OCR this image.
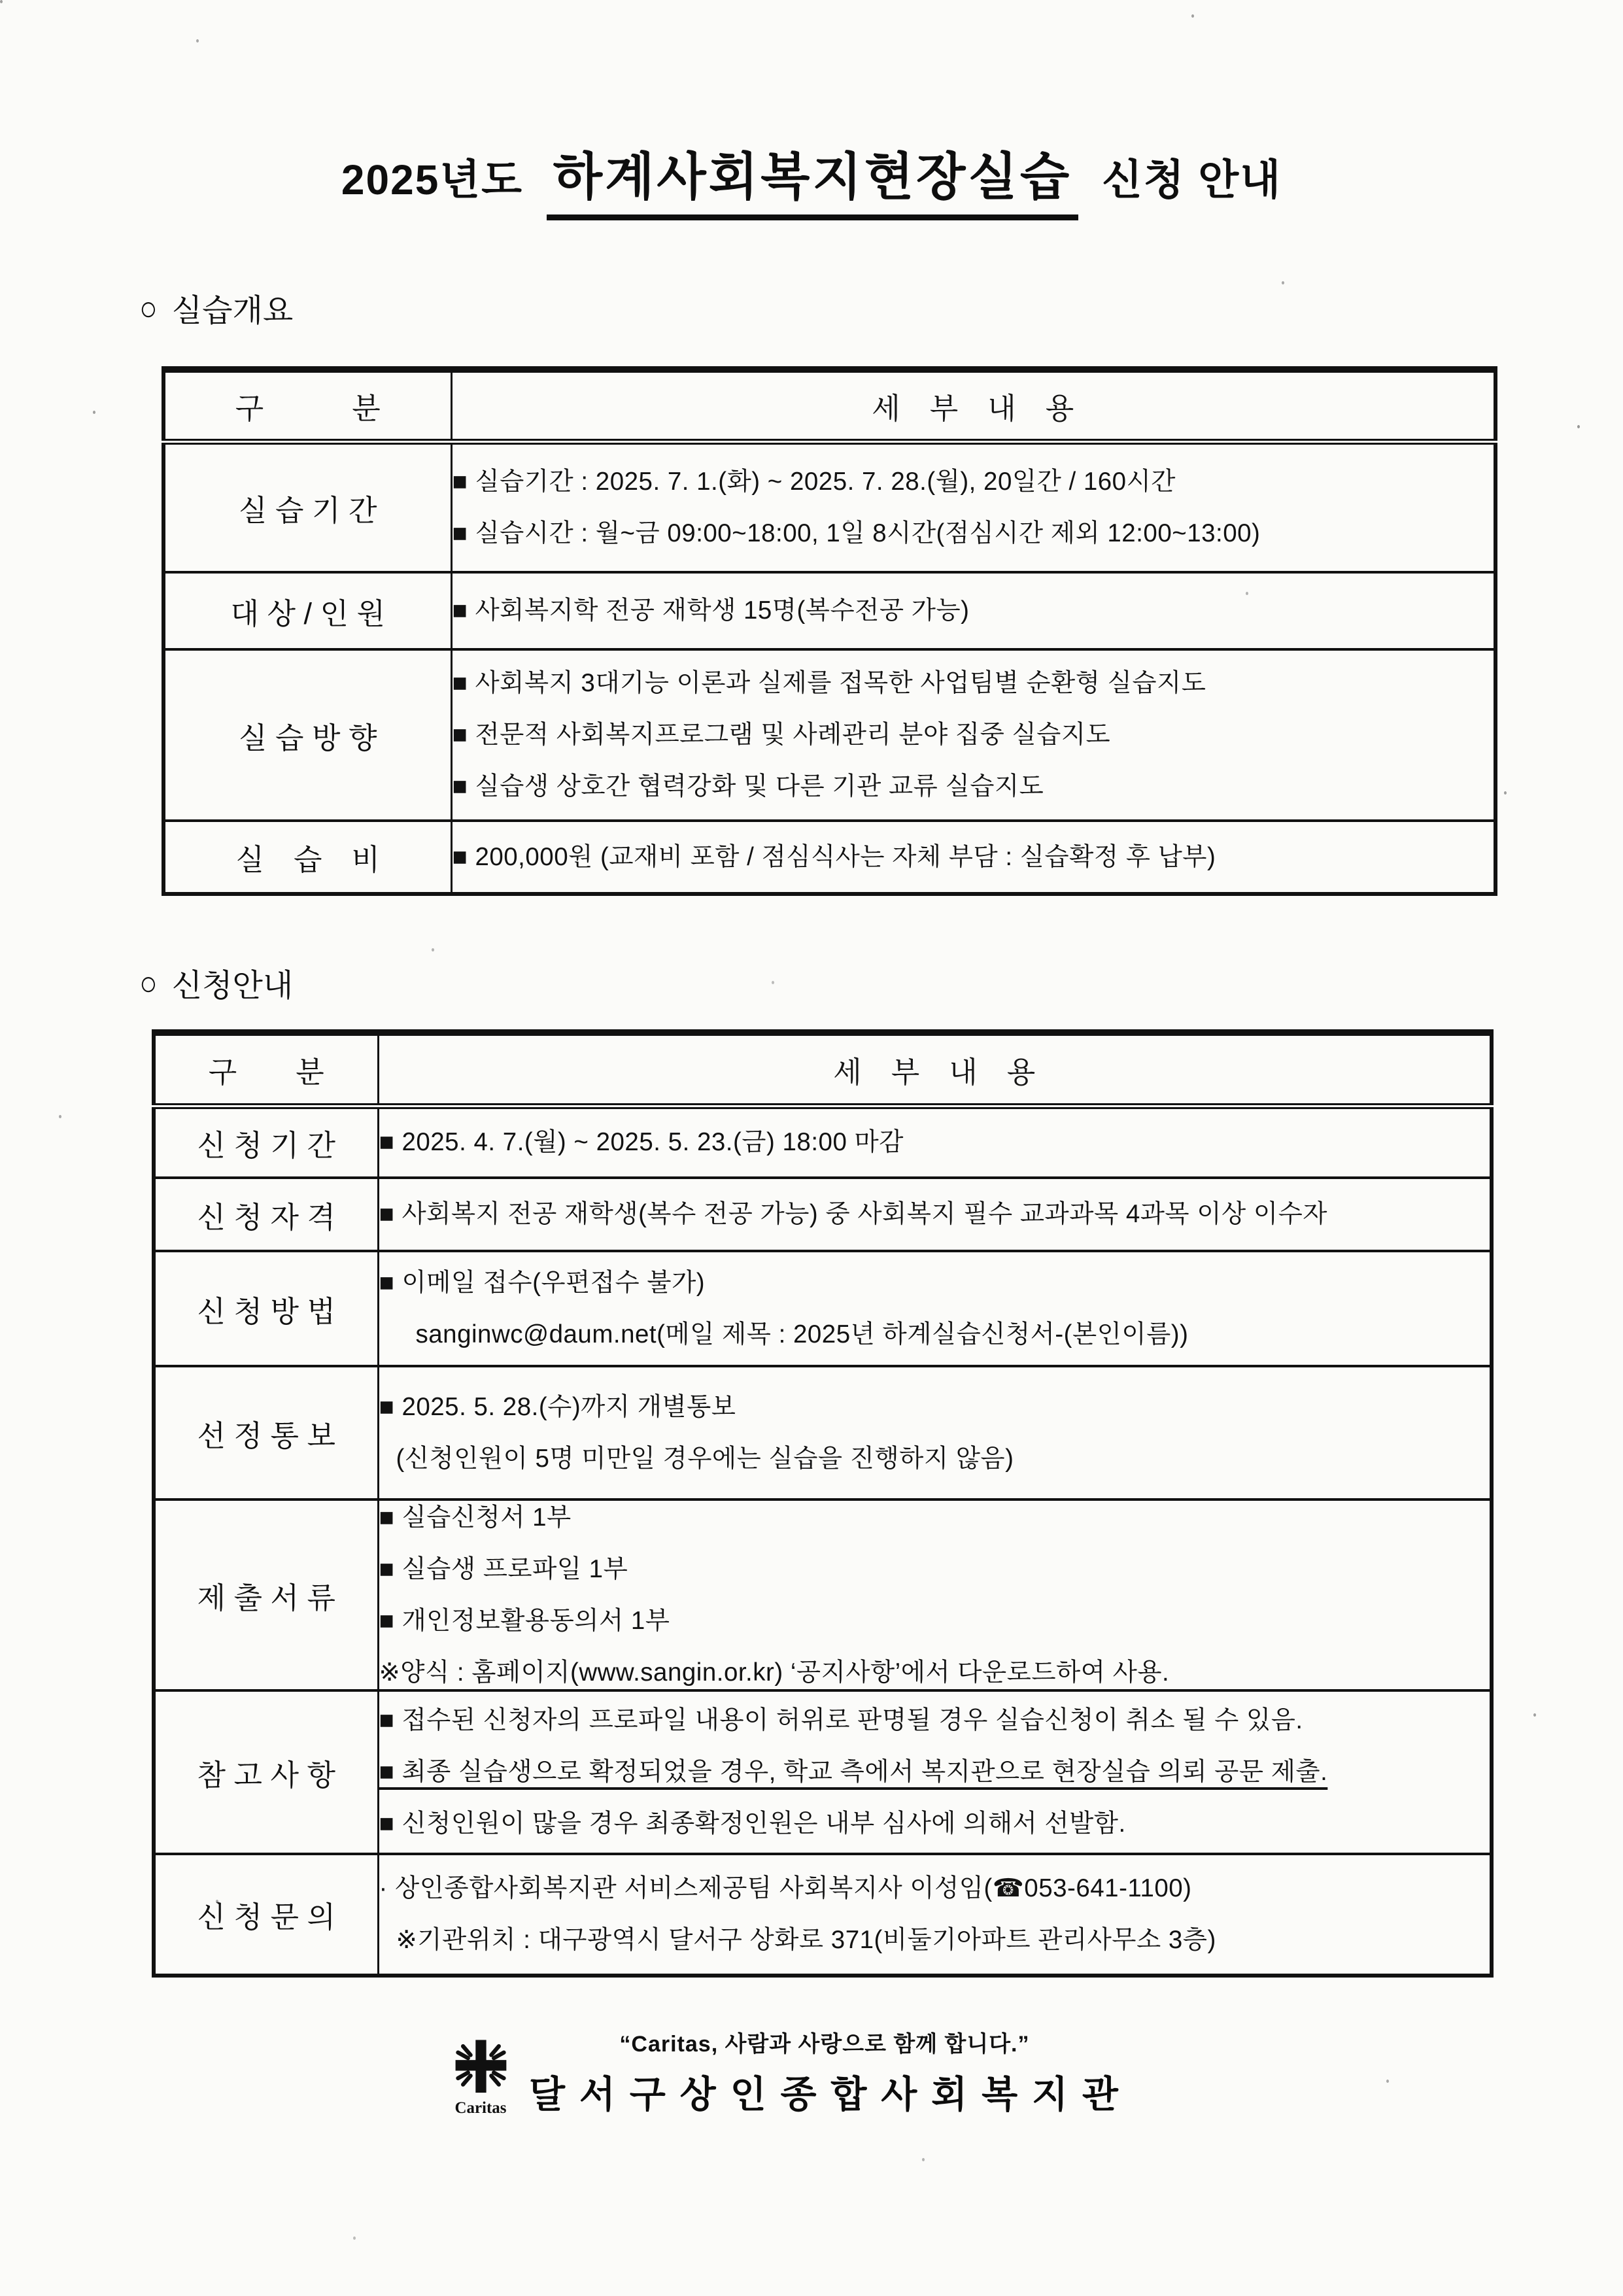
2025년도 하계사회복지현장실습 신청 안내
○ 실습개요
구　　　분	세　부　내　용
실 습 기 간	■ 실습기간 : 2025. 7. 1.(화) ~ 2025. 7. 28.(월), 20일간 / 160시간
■ 실습시간 : 월~금 09:00~18:00, 1일 8시간(점심시간 제외 12:00~13:00)

대 상 / 인 원	■ 사회복지학 전공 재학생 15명(복수전공 가능)

실 습 방 향	■ 사회복지 3대기능 이론과 실제를 접목한 사업팀별 순환형 실습지도
■ 전문적 사회복지프로그램 및 사례관리 분야 집중 실습지도
■ 실습생 상호간 협력강화 및 다른 기관 교류 실습지도

실　습　비	■ 200,000원 (교재비 포함 / 점심식사는 자체 부담 : 실습확정 후 납부)
○ 신청안내
구　　분	세　부　내　용
신 청 기 간	■ 2025. 4. 7.(월) ~ 2025. 5. 23.(금) 18:00 마감

신 청 자 격	■ 사회복지 전공 재학생(복수 전공 가능) 중 사회복지 필수 교과과목 4과목 이상 이수자

신 청 방 법	■ 이메일 접수(우편접수 불가)
sanginwc@daum.net(메일 제목 : 2025년 하계실습신청서-(본인이름))

선 정 통 보	■ 2025. 5. 28.(수)까지 개별통보
(신청인원이 5명 미만일 경우에는 실습을 진행하지 않음)

제 출 서 류	■ 실습신청서 1부
■ 실습생 프로파일 1부
■ 개인정보활용동의서 1부
※양식 : 홈페이지(www.sangin.or.kr) ‘공지사항’에서 다운로드하여 사용.

참 고 사 항	■ 접수된 신청자의 프로파일 내용이 허위로 판명될 경우 실습신청이 취소 될 수 있음.
■ 최종 실습생으로 확정되었을 경우, 학교 측에서 복지관으로 현장실습 의뢰 공문 제출.
■ 신청인원이 많을 경우 최종확정인원은 내부 심사에 의해서 선발함.

신 청 문 의	· 상인종합사회복지관 서비스제공팀 사회복지사 이성임(☎053-641-1100)
※기관위치 : 대구광역시 달서구 상화로 371(비둘기아파트 관리사무소 3층)
Caritas
“Caritas, 사람과 사랑으로 함께 합니다.”
달 서 구 상 인 종 합 사 회 복 지 관
